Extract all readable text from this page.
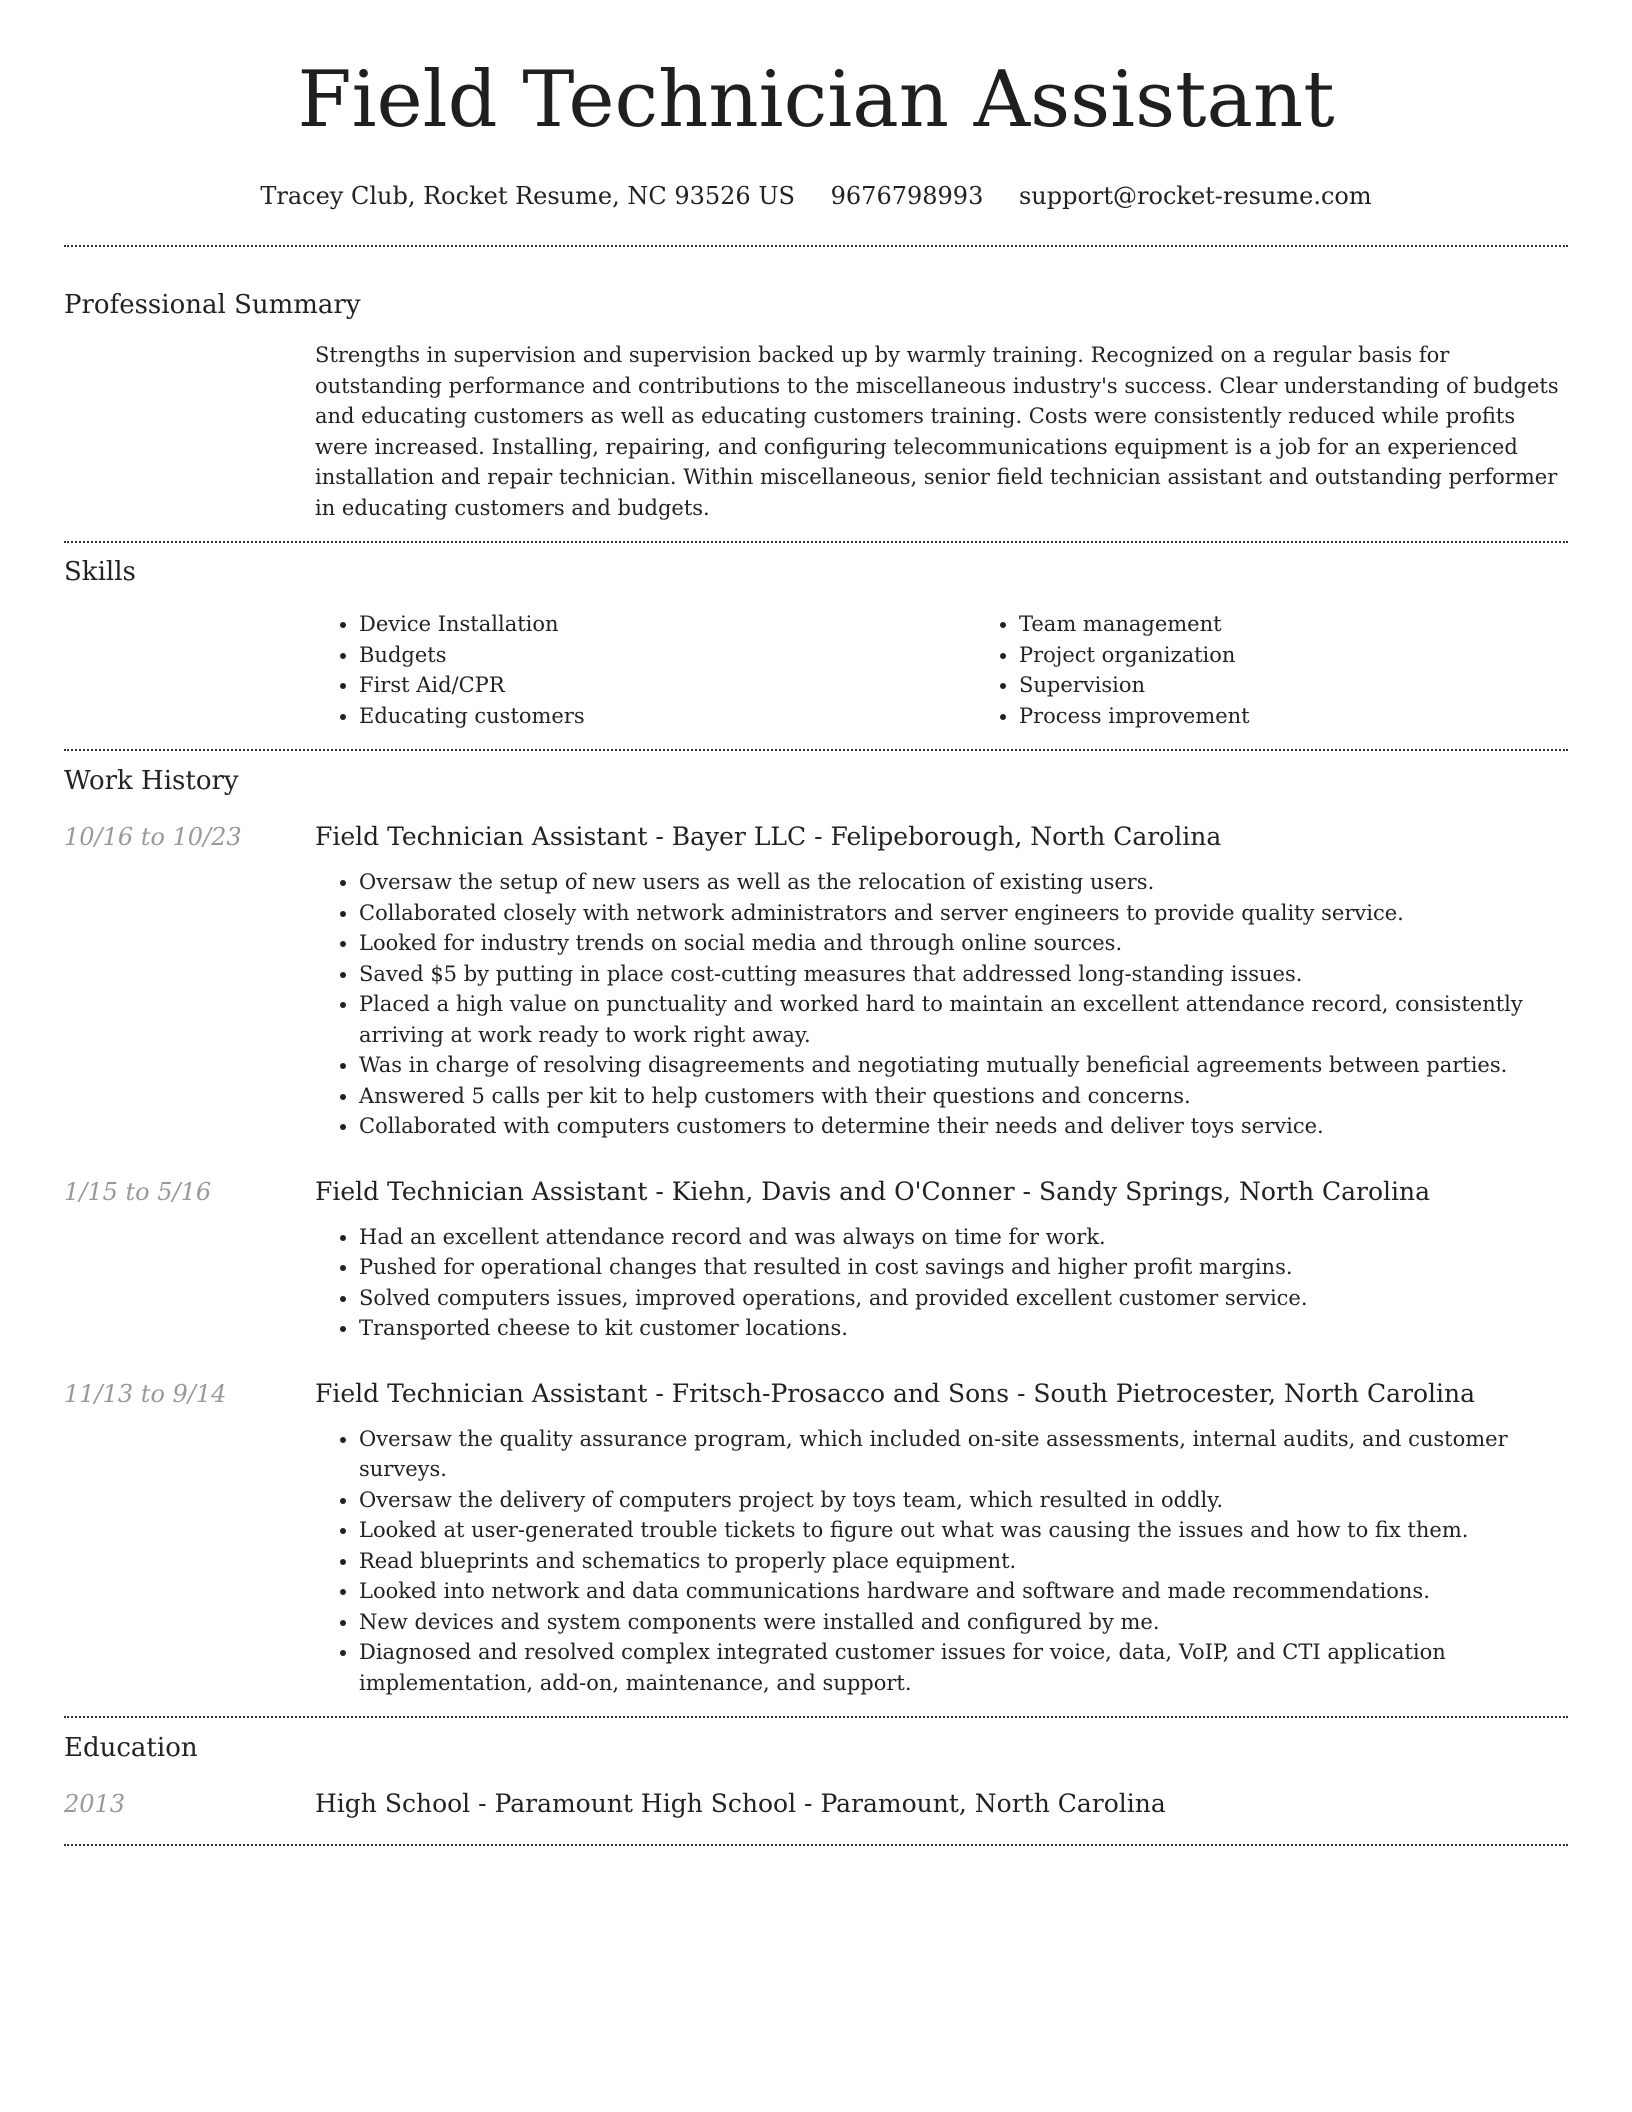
Field Technician Assistant
Tracey Club, Rocket Resume, NC 93526 US 9676798993 support@rocket-resume.com
Professional Summary

Strengths in supervision and supervision backed up by warmly training. Recognized on a regular basis for outstanding performance and contributions to the miscellaneous industry's success. Clear understanding of budgets and educating customers as well as educating customers training. Costs were consistently reduced while profits were increased. Installing, repairing, and configuring telecommunications equipment is a job for an experienced installation and repair technician. Within miscellaneous, senior field technician assistant and outstanding performer in educating customers and budgets.

Skills
• Device Installation
• Budgets
• First Aid/CPR
• Educating customers
• Team management
• Project organization
• Supervision
• Process improvement
Work History
10/16 to 10/23	Field Technician Assistant - Bayer LLC - Felipeborough, North Carolina
• Oversaw the setup of new users as well as the relocation of existing users.
• Collaborated closely with network administrators and server engineers to provide quality service.
• Looked for industry trends on social media and through online sources.
• Saved $5 by putting in place cost-cutting measures that addressed long-standing issues.
• Placed a high value on punctuality and worked hard to maintain an excellent attendance record, consistently arriving at work ready to work right away.
• Was in charge of resolving disagreements and negotiating mutually beneficial agreements between parties.
• Answered 5 calls per kit to help customers with their questions and concerns.
• Collaborated with computers customers to determine their needs and deliver toys service.
1/15 to 5/16	Field Technician Assistant - Kiehn, Davis and O'Conner - Sandy Springs, North Carolina
• Had an excellent attendance record and was always on time for work.
• Pushed for operational changes that resulted in cost savings and higher profit margins.
• Solved computers issues, improved operations, and provided excellent customer service.
• Transported cheese to kit customer locations.
11/13 to 9/14	Field Technician Assistant - Fritsch-Prosacco and Sons - South Pietrocester, North Carolina
• Oversaw the quality assurance program, which included on-site assessments, internal audits, and customer surveys.
• Oversaw the delivery of computers project by toys team, which resulted in oddly.
• Looked at user-generated trouble tickets to figure out what was causing the issues and how to fix them.
• Read blueprints and schematics to properly place equipment.
• Looked into network and data communications hardware and software and made recommendations.
• New devices and system components were installed and configured by me.
• Diagnosed and resolved complex integrated customer issues for voice, data, VoIP, and CTI application implementation, add-on, maintenance, and support.
Education
2013	High School - Paramount High School - Paramount, North Carolina
